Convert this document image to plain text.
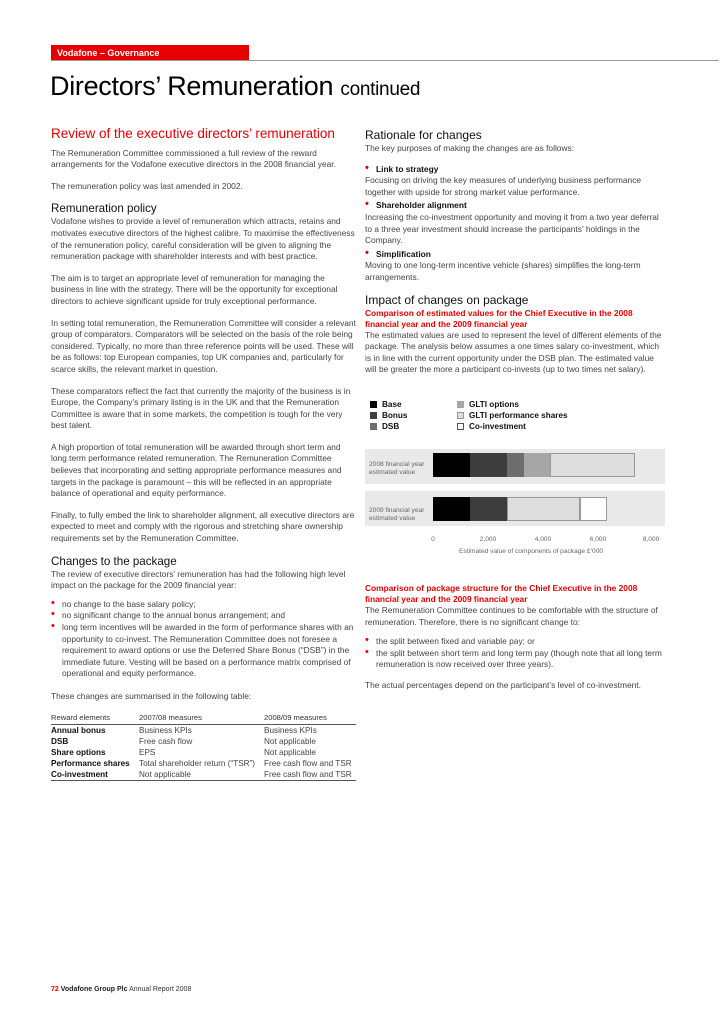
Vodafone – Governance
Directors’ Remuneration continued
Review of the executive directors’ remuneration

The Remuneration Committee commissioned a full review of the reward arrangements for the Vodafone executive directors in the 2008 financial year.

The remuneration policy was last amended in 2002.

Remuneration policy

Vodafone wishes to provide a level of remuneration which attracts, retains and motivates executive directors of the highest calibre. To maximise the effectiveness of the remuneration policy, careful consideration will be given to aligning the remuneration package with shareholder interests and with best practice.

The aim is to target an appropriate level of remuneration for managing the business in line with the strategy. There will be the opportunity for exceptional directors to achieve significant upside for truly exceptional performance.

In setting total remuneration, the Remuneration Committee will consider a relevant group of comparators. Comparators will be selected on the basis of the role being considered. Typically, no more than three reference points will be used. These will be as follows: top European companies, top UK companies and, particularly for scarce skills, the relevant market in question.

These comparators reflect the fact that currently the majority of the business is in Europe, the Company’s primary listing is in the UK and that the Remuneration Committee is aware that in some markets, the competition is tough for the very best talent.

A high proportion of total remuneration will be awarded through short term and long term performance related remuneration. The Remuneration Committee believes that incorporating and setting appropriate performance measures and targets in the package is paramount – this will be reflected in an appropriate balance of operational and equity performance.

Finally, to fully embed the link to shareholder alignment, all executive directors are expected to meet and comply with the rigorous and stretching share ownership requirements set by the Remuneration Committee.

Changes to the package

The review of executive directors’ remuneration has had the following high level impact on the package for the 2009 financial year:

• no change to the base salary policy;
• no significant change to the annual bonus arrangement; and
• long term incentives will be awarded in the form of performance shares with an opportunity to co-invest. The Remuneration Committee does not foresee a requirement to award options or use the Deferred Share Bonus (“DSB”) in the immediate future. Vesting will be based on a performance matrix comprised of operational and equity performance.

These changes are summarised in the following table:

Reward elements	2007/08 measures	2008/09 measures
Annual bonus	Business KPIs	Business KPIs
DSB	Free cash flow	Not applicable
Share options	EPS	Not applicable
Performance shares	Total shareholder return (“TSR”)	Free cash flow and TSR
Co-investment	Not applicable	Free cash flow and TSR
Rationale for changes

The key purposes of making the changes are as follows:

• Link to strategy
Focusing on driving the key measures of underlying business performance together with upside for strong market value performance.
• Shareholder alignment
Increasing the co-investment opportunity and moving it from a two year deferral to a three year investment should increase the participants’ holdings in the Company.
• Simplification
Moving to one long-term incentive vehicle (shares) simplifies the long-term arrangements.
Impact of changes on package
Comparison of estimated values for the Chief Executive in the 2008 financial year and the 2009 financial year

The estimated values are used to represent the level of different elements of the package. The analysis below assumes a one times salary co-investment, which is in line with the current opportunity under the DSB plan. The estimated value will be greater the more a participant co-invests (up to two times net salary).

Base
Bonus
DSB
GLTI options
GLTI performance shares
Co-investment
2008 financial year estimated value
2009 financial year estimated value
0	2,000	4,000	6,000	8,000
Estimated value of components of package £’000
Comparison of package structure for the Chief Executive in the 2008 financial year and the 2009 financial year

The Remuneration Committee continues to be comfortable with the structure of remuneration. Therefore, there is no significant change to:

• the split between fixed and variable pay; or
• the split between short term and long term pay (though note that all long term remuneration is now received over three years).

The actual percentages depend on the participant’s level of co-investment.

72 Vodafone Group Plc Annual Report 2008
